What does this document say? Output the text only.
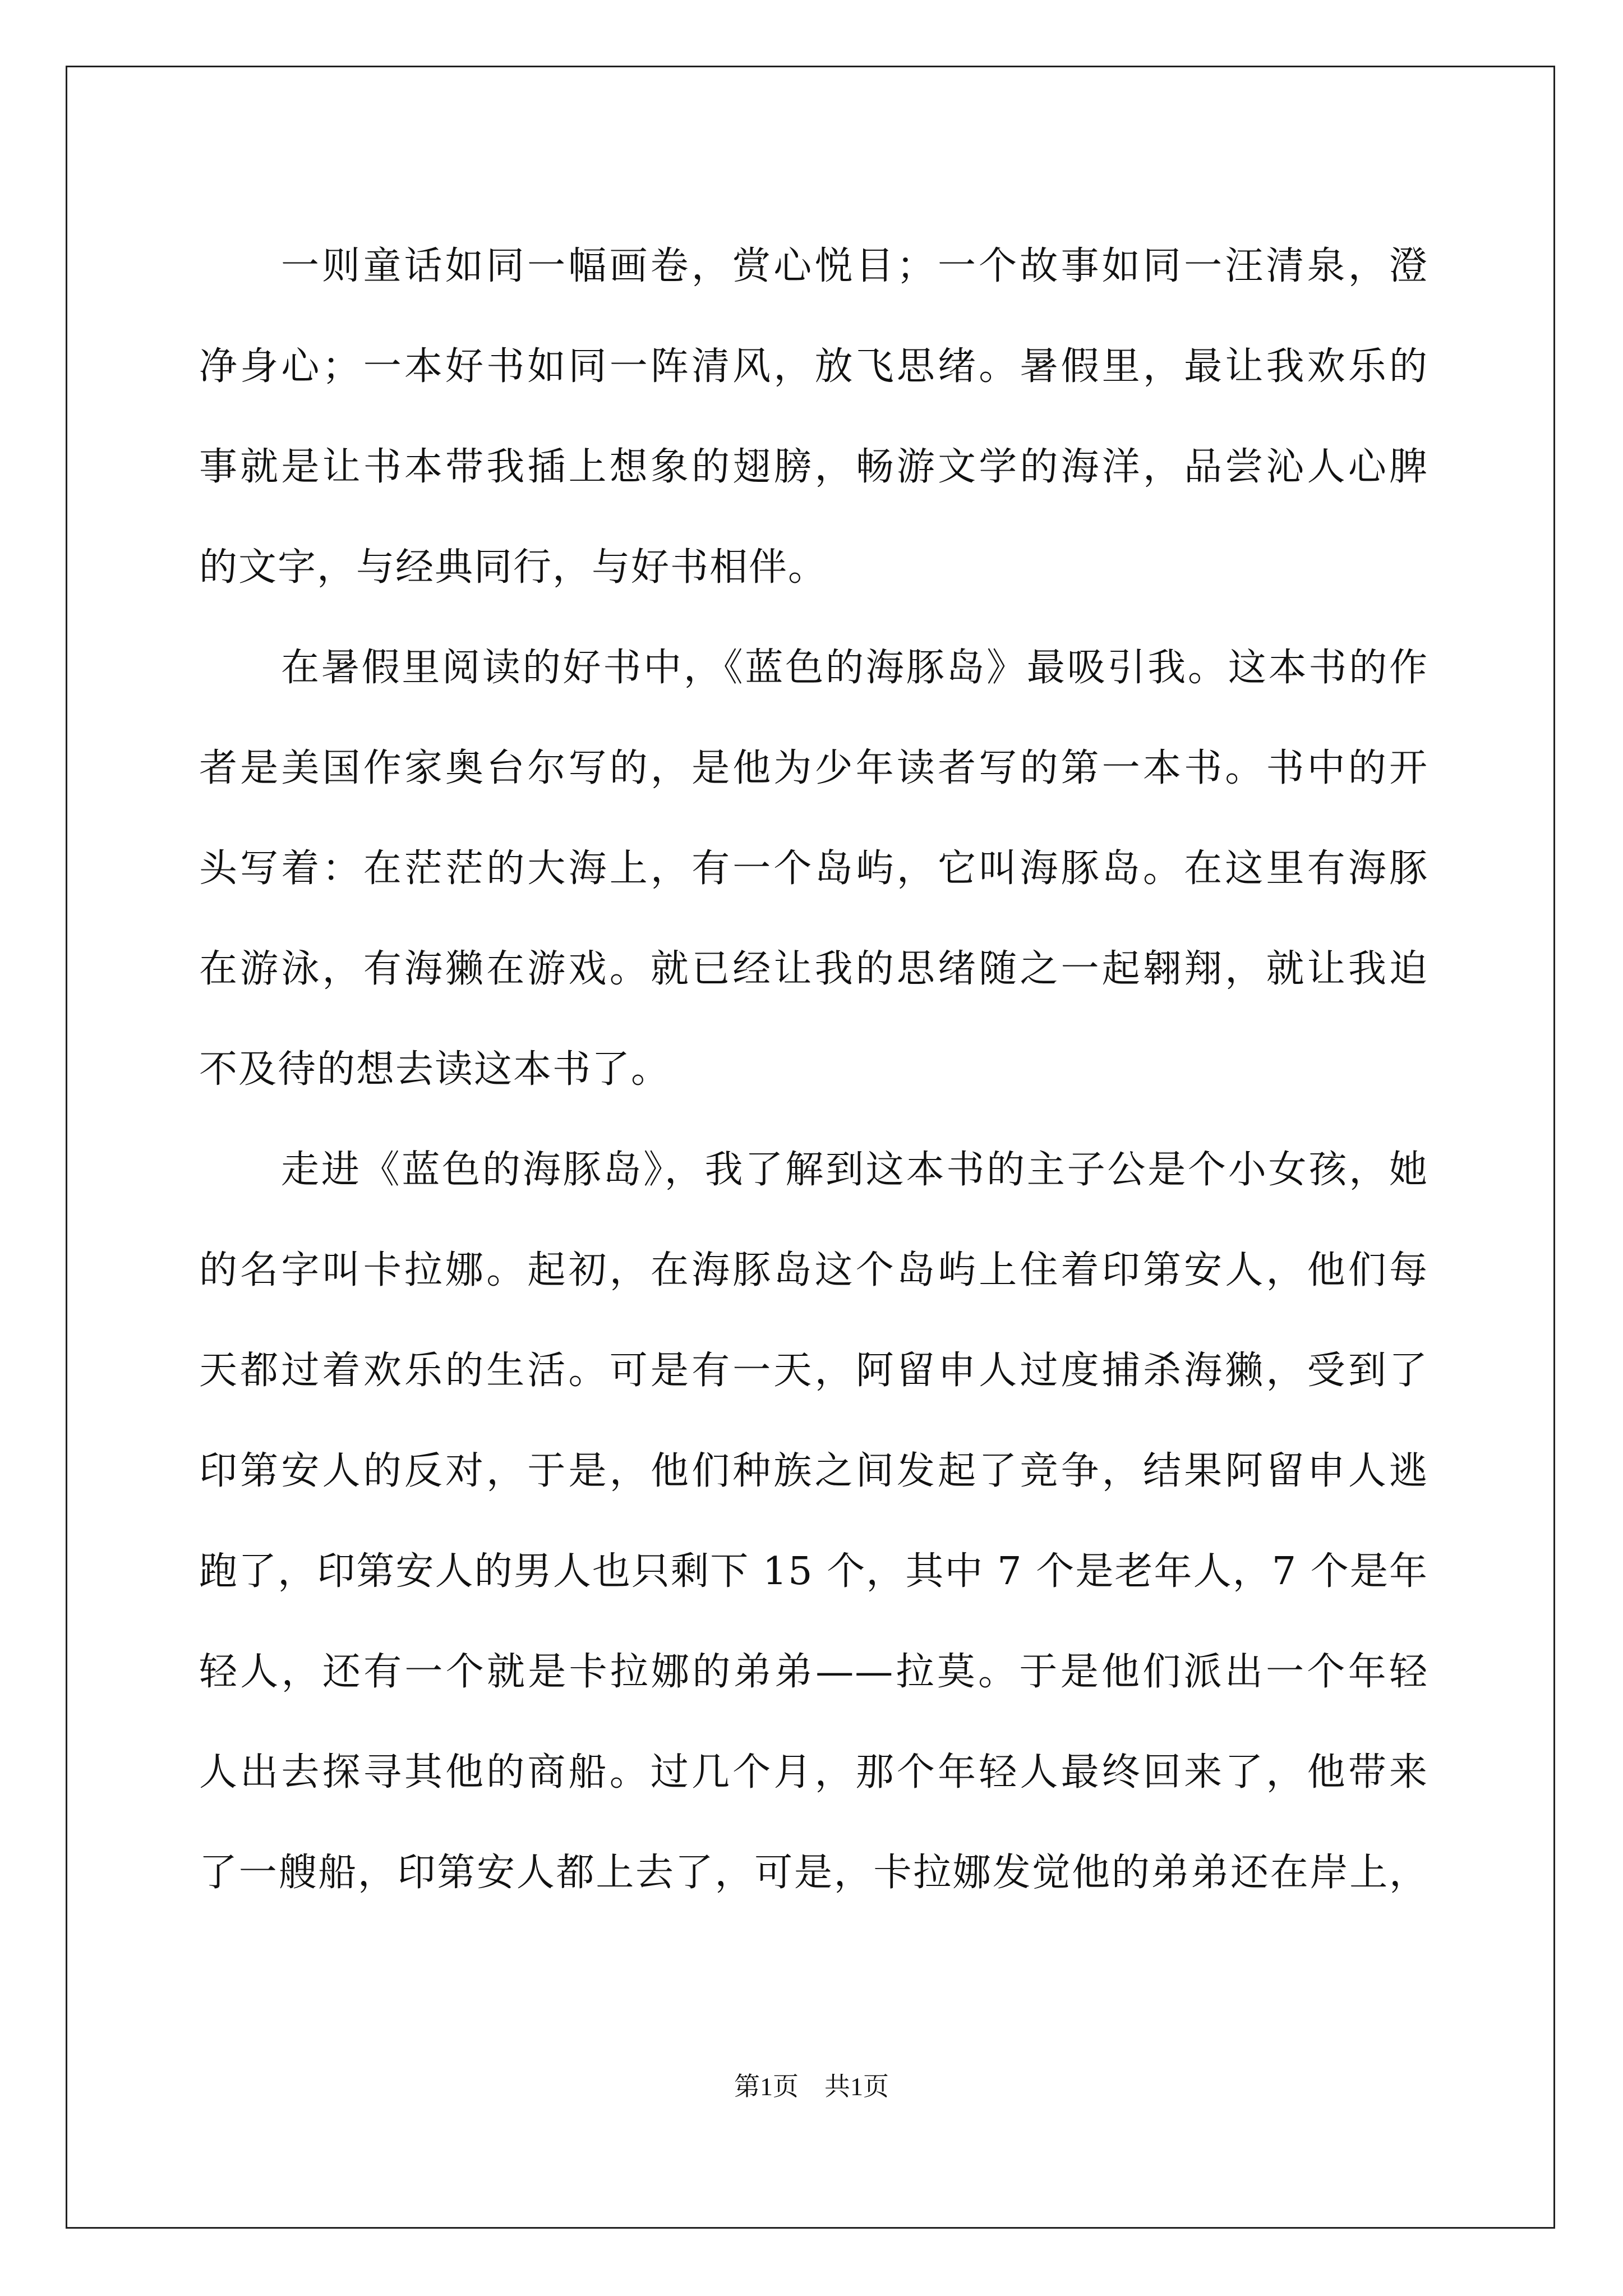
一则童话如同一幅画卷，赏心悦目；一个故事如同一汪清泉，澄
净身心；一本好书如同一阵清风，放飞思绪。暑假里，最让我欢乐的
事就是让书本带我插上想象的翅膀，畅游文学的海洋，品尝沁人心脾
的文字，与经典同行，与好书相伴。
在暑假里阅读的好书中，《蓝色的海豚岛》最吸引我。这本书的作
者是美国作家奥台尔写的，是他为少年读者写的第一本书。书中的开
头写着：在茫茫的大海上，有一个岛屿，它叫海豚岛。在这里有海豚
在游泳，有海獭在游戏。就已经让我的思绪随之一起翱翔，就让我迫
不及待的想去读这本书了。
走进《蓝色的海豚岛》，我了解到这本书的主子公是个小女孩，她
的名字叫卡拉娜。起初，在海豚岛这个岛屿上住着印第安人，他们每
天都过着欢乐的生活。可是有一天，阿留申人过度捕杀海獭，受到了
印第安人的反对，于是，他们种族之间发起了竞争，结果阿留申人逃
跑了，印第安人的男人也只剩下 15 个，其中 7 个是老年人，7 个是年
轻人，还有一个就是卡拉娜的弟弟——拉莫。于是他们派出一个年轻
人出去探寻其他的商船。过几个月，那个年轻人最终回来了，他带来
了一艘船，印第安人都上去了，可是，卡拉娜发觉他的弟弟还在岸上，
第1页　共1页
